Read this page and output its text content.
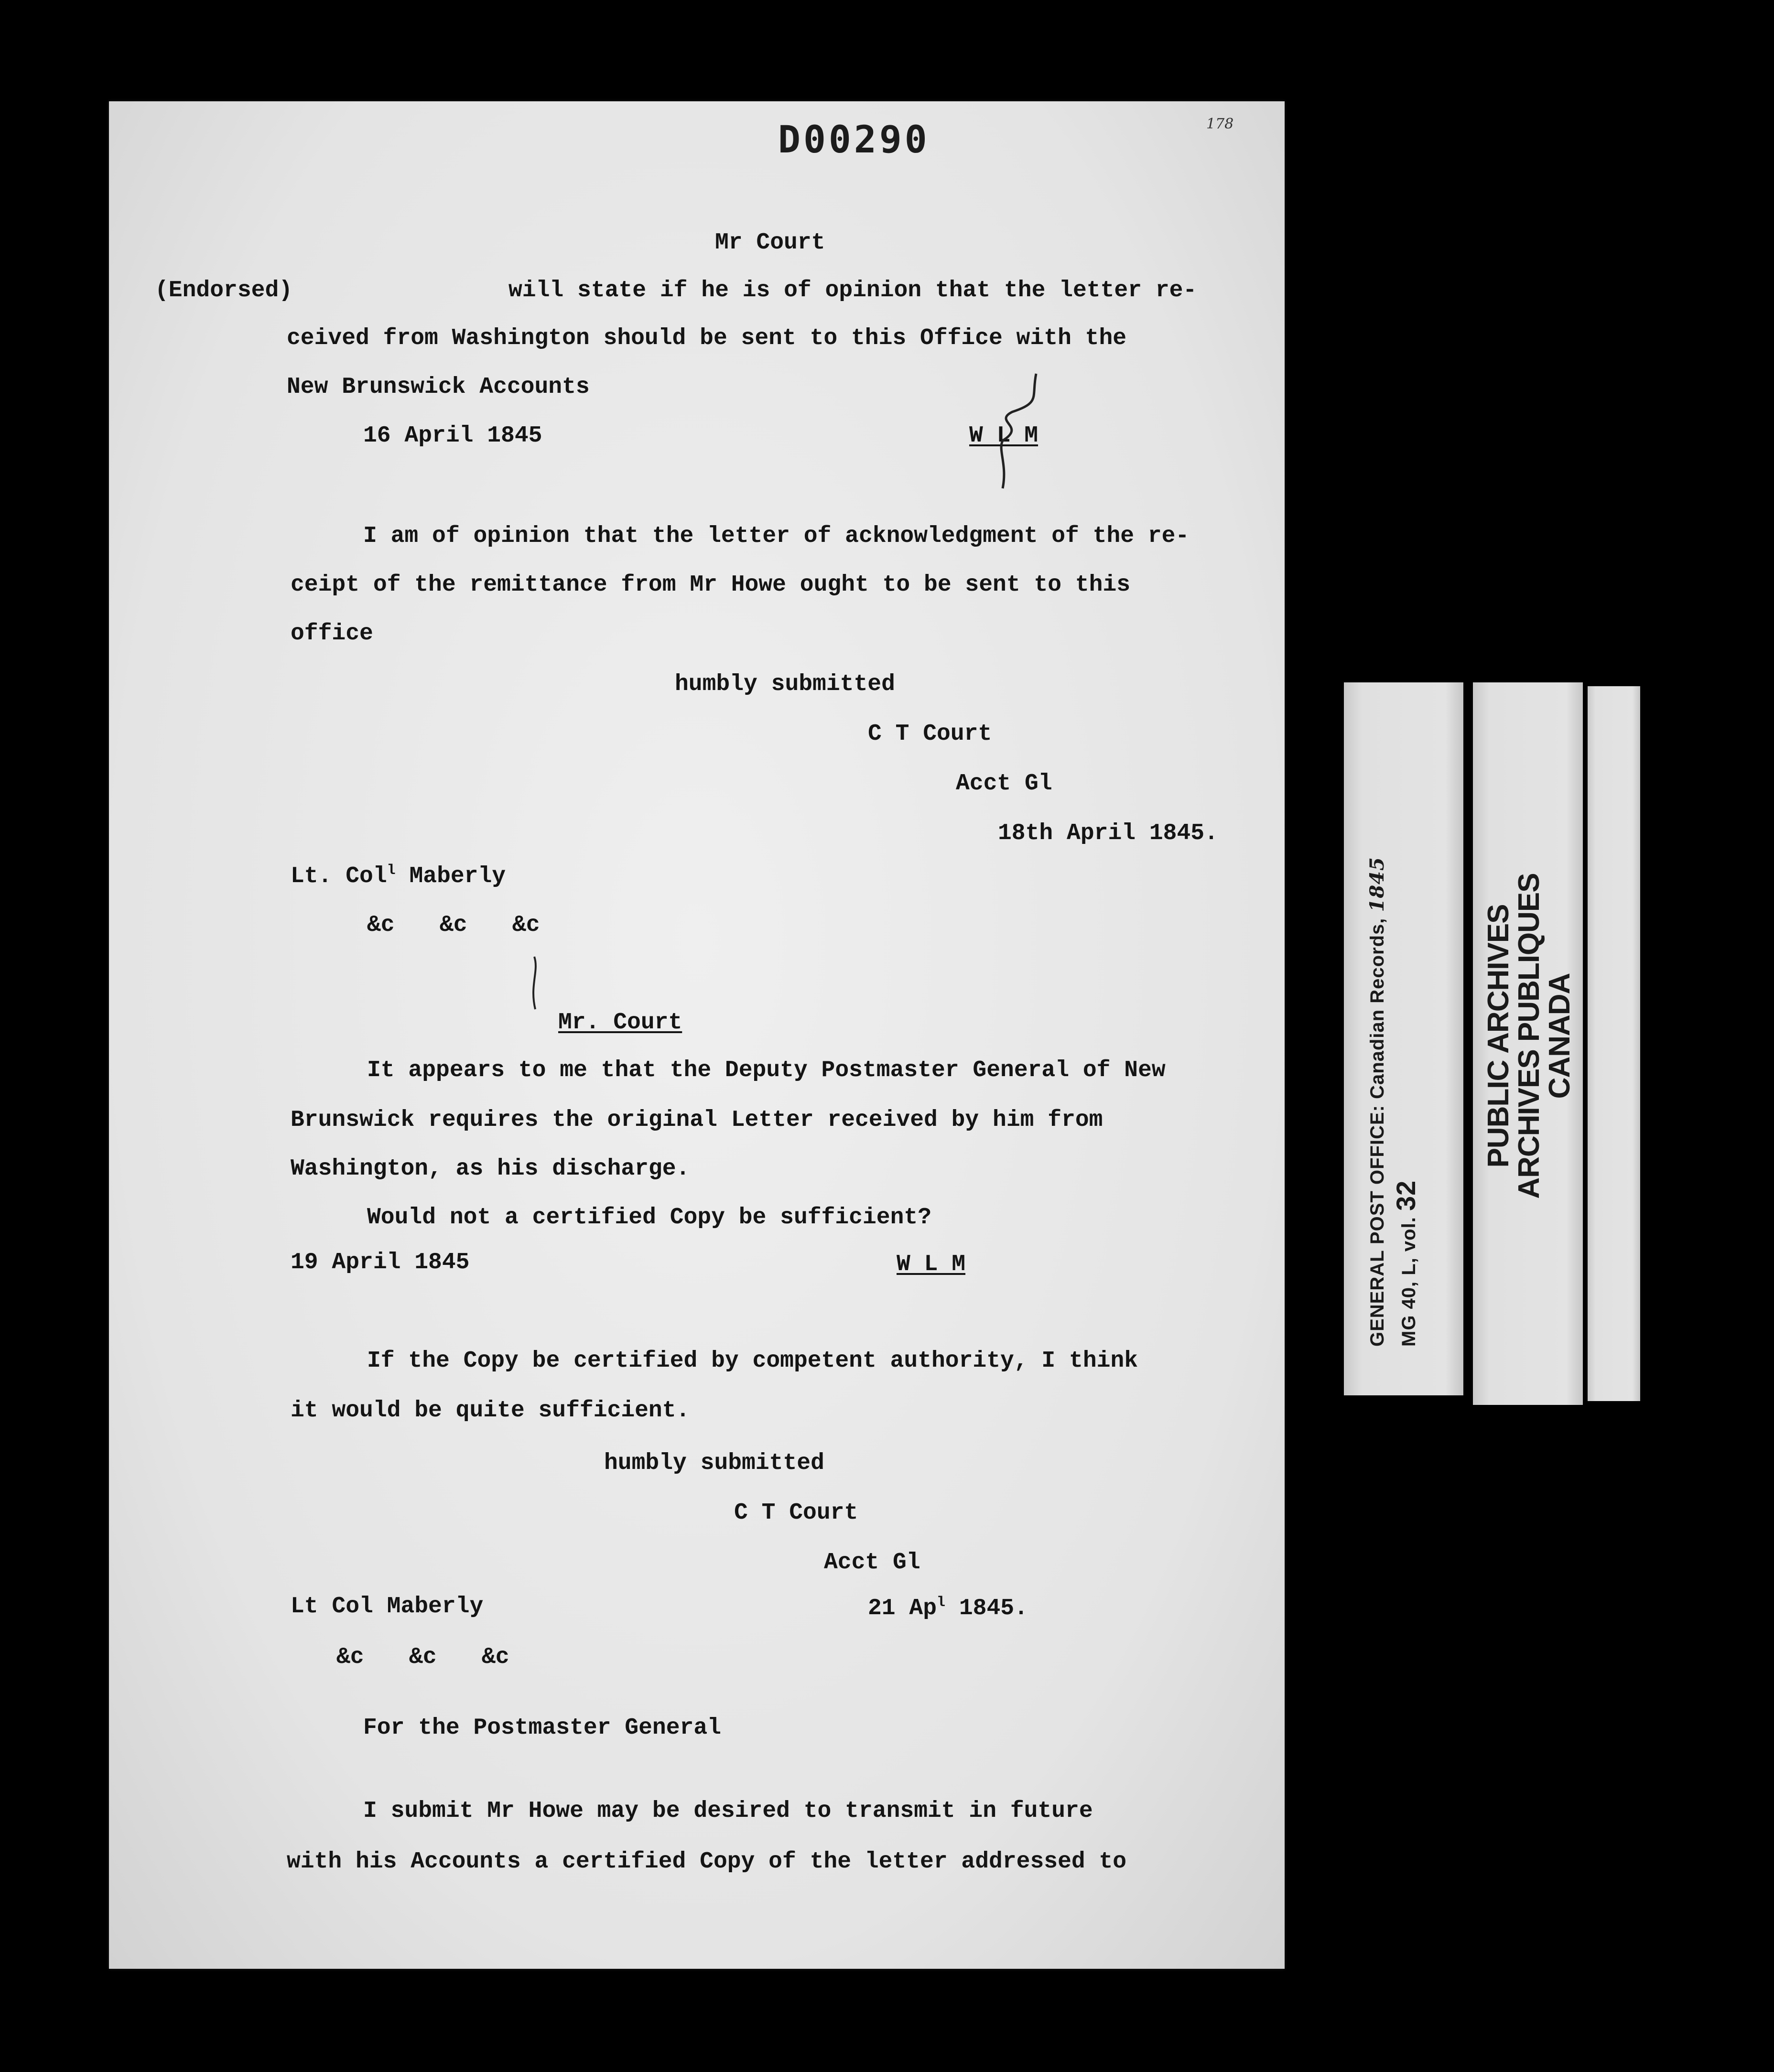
D00290	178
Mr Court
(Endorsed)	will state if he is of opinion that the letter re-
ceived from Washington should be sent to this Office with the
New Brunswick Accounts
16 April 1845	W L M
I am of opinion that the letter of acknowledgment of the re-
ceipt of the remittance from Mr Howe ought to be sent to this
office
humbly submitted
C T Court
Acct Gl
18th April 1845.
Lt. Col$^l$ Maberly
&c &c &c
Mr. Court
It appears to me that the Deputy Postmaster General of New
Brunswick requires the original Letter received by him from
Washington, as his discharge.
Would not a certified Copy be sufficient?
19 April 1845	W L M
If the Copy be certified by competent authority, I think
it would be quite sufficient.
humbly submitted
C T Court
Acct Gl
Lt Col Maberly	21 Ap$^l$ 1845.
&c &c &c
For the Postmaster General
I submit Mr Howe may be desired to transmit in future
with his Accounts a certified Copy of the letter addressed to
GENERAL POST OFFICE: Canadian Records, 1845
MG 40, L, vol. 32
PUBLIC ARCHIVES
ARCHIVES PUBLIQUES
CANADA
